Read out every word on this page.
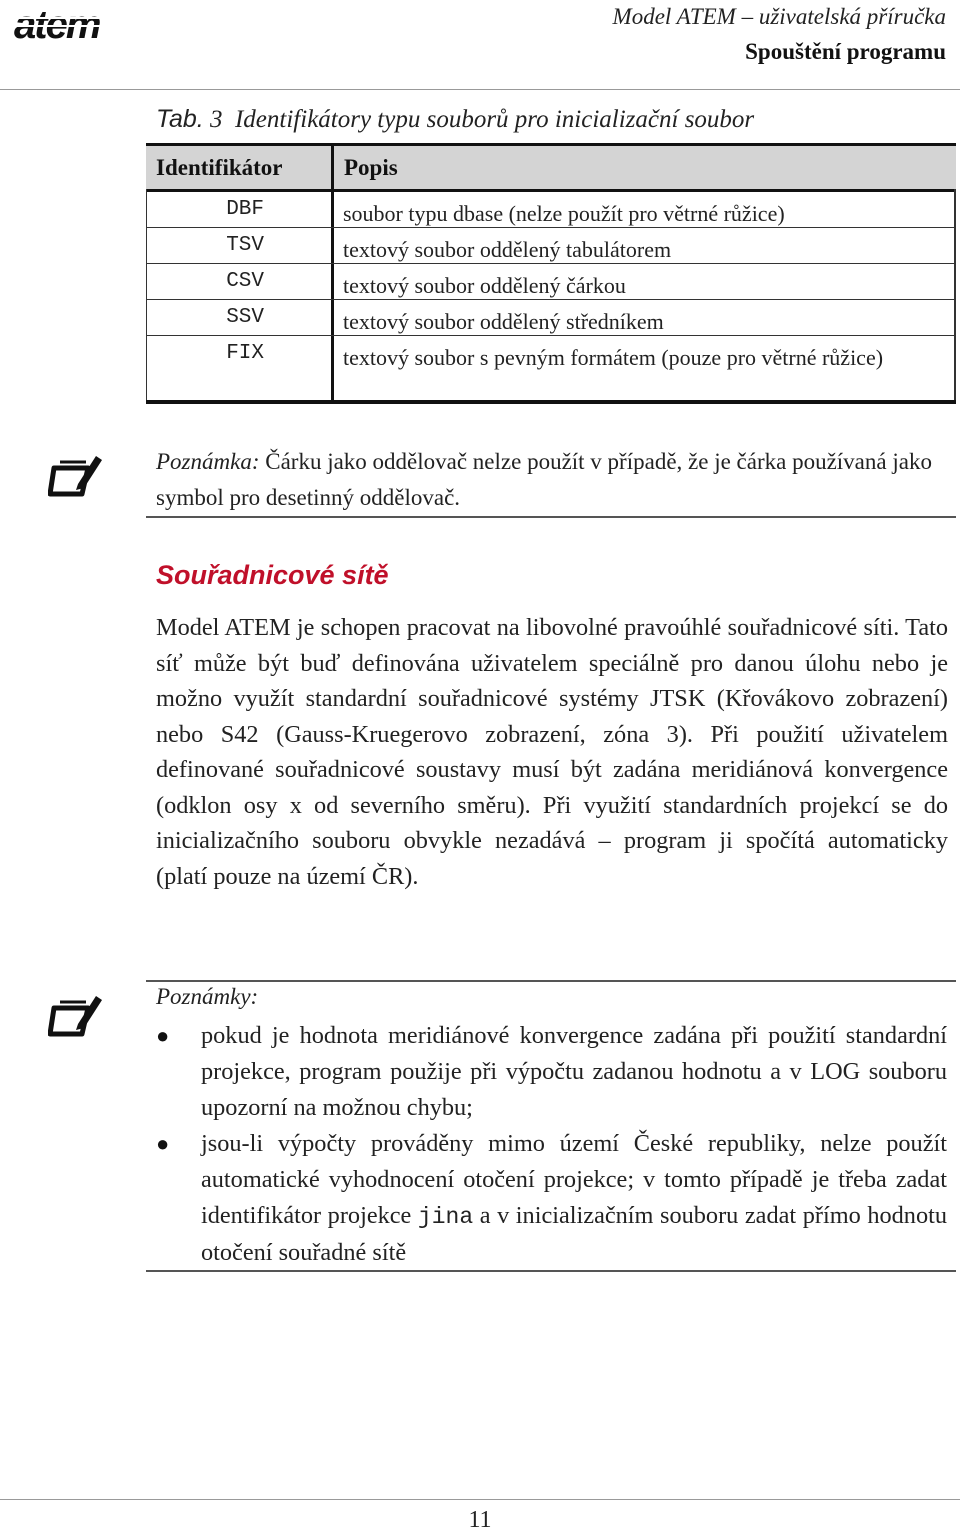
atem	Model ATEM – uživatelská příručka
Spouštění programu
Tab. 3  Identifikátory typu souborů pro inicializační soubor
Identifikátor	Popis
DBF	soubor typu dbase (nelze použít pro větrné růžice)
TSV	textový soubor oddělený tabulátorem
CSV	textový soubor oddělený čárkou
SSV	textový soubor oddělený středníkem
FIX	textový soubor s pevným formátem (pouze pro větrné růžice)
Poznámka: Čárku jako oddělovač nelze použít v případě, že je čárka používaná jako symbol pro desetinný oddělovač.
Souřadnicové sítě
Model ATEM je schopen pracovat na libovolné pravoúhlé souřadnicové síti. Tato síť může být buď definována uživatelem speciálně pro danou úlohu nebo je možno využít standardní souřadnicové systémy JTSK (Křovákovo zobrazení) nebo S42 (Gauss-Kruegerovo zobrazení, zóna 3). Při použití uživatelem definované souřadnicové soustavy musí být zadána meridiánová konvergence (odklon osy x od severního směru). Při využití standardních projekcí se do inicializačního souboru obvykle nezadává – program ji spočítá automaticky (platí pouze na území ČR).
Poznámky:
● pokud je hodnota meridiánové konvergence zadána při použití standardní projekce, program použije při výpočtu zadanou hodnotu a v LOG souboru upozorní na možnou chybu;
● jsou-li výpočty prováděny mimo území České republiky, nelze použít automatické vyhodnocení otočení projekce; v tomto případě je třeba zadat identifikátor projekce jina a v inicializačním souboru zadat přímo hodnotu otočení souřadné sítě
11
